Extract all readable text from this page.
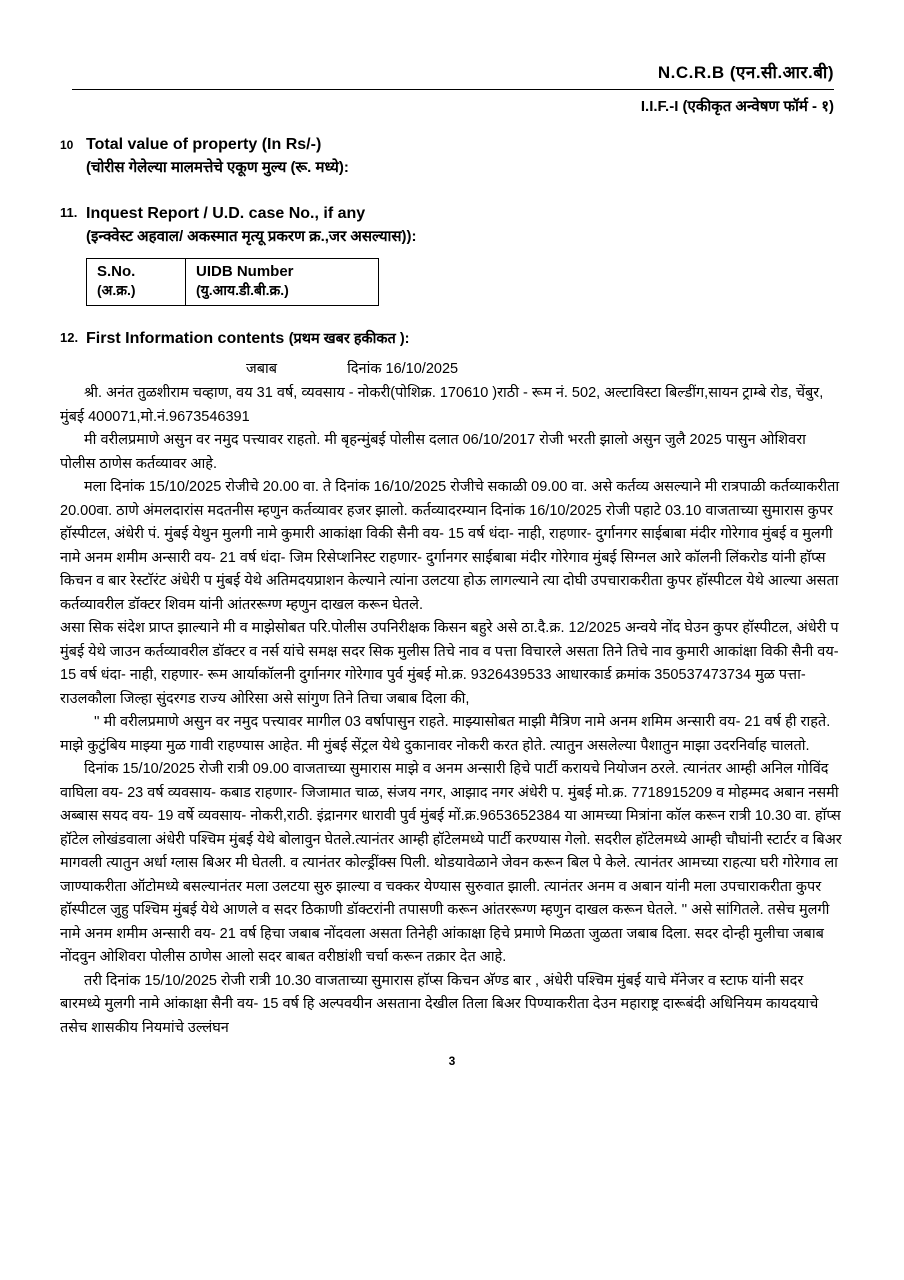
N.C.R.B (एन.सी.आर.बी)
I.I.F.-I (एकीकृत अन्वेषण फॉर्म - १)
10 Total value of property (In Rs/-)
(चोरीस गेलेल्या मालमत्तेचे एकूण मुल्य (रू. मध्ये):
11. Inquest Report / U.D. case No., if any
(इन्क्वेस्ट अहवाल/ अकस्मात मृत्यू प्रकरण क्र.,जर असल्यास)):
S.No.
(अ.क्र.)
	UIDB Number
(यु.आय.डी.बी.क्र.)
12. First Information contents (प्रथम खबर हकीकत ):
जबाब	दिनांक 16/10/2025

श्री. अनंत तुळशीराम चव्हाण, वय 31 वर्ष, व्यवसाय - नोकरी(पोशिक्र. 170610 )राठी - रूम नं. 502, अल्टाविस्टा बिल्डींग,सायन ट्राम्बे रोड, चेंबुर, मुंबई 400071,मो.नं.9673546391

मी वरीलप्रमाणे असुन वर नमुद पत्त्यावर राहतो. मी बृहन्मुंबई पोलीस दलात 06/10/2017 रोजी भरती झालो असुन जुलै 2025 पासुन ओशिवरा पोलीस ठाणेस कर्तव्यावर आहे.

मला दिनांक 15/10/2025 रोजीचे 20.00 वा. ते दिनांक 16/10/2025 रोजीचे सकाळी 09.00 वा. असे कर्तव्य असल्याने मी रात्रपाळी कर्तव्याकरीता 20.00वा. ठाणे अंमलदारांस मदतनीस म्हणुन कर्तव्यावर हजर झालो. कर्तव्यादरम्यान दिनांक 16/10/2025 रोजी पहाटे 03.10 वाजताच्या सुमारास कुपर हॉस्पीटल, अंधेरी पं. मुंबई येथुन मुलगी नामे कुमारी आकांक्षा विकी सैनी वय- 15 वर्ष धंदा- नाही, राहणार- दुर्गानगर साईबाबा मंदीर गोरेगाव मुंबई व मुलगी नामे अनम शमीम अन्सारी वय- 21 वर्ष धंदा- जिम रिसेप्शनिस्ट राहणार- दुर्गानगर साईबाबा मंदीर गोरेगाव मुंबई सिग्नल आरे कॉलनी लिंकरोड यांनी हाॅप्स किचन व बार रेस्टाॅरंट अंधेरी प मुंबई येथे अतिमदयप्राशन केल्याने त्यांना उलटया होऊ लागल्याने त्या दोघी उपचाराकरीता कुपर हॉस्पीटल येथे आल्या असता कर्तव्यावरील डॉक्टर शिवम यांनी आंतररूग्ण म्हणुन दाखल करून घेतले.

असा सिक संदेश प्राप्त झाल्याने मी व माझेसोबत परि.पोलीस उपनिरीक्षक किसन बहुरे असे ठा.दै.क्र. 12/2025 अन्वये नोंद घेउन कुपर हॉस्पीटल, अंधेरी प मुंबई येथे जाउन कर्तव्यावरील डॉक्टर व नर्स यांचे समक्ष सदर सिक मुलीस तिचे नाव व पत्ता विचारले असता तिने तिचे नाव कुमारी आकांक्षा विकी सैनी वय- 15 वर्ष धंदा- नाही, राहणार- रूम आर्याकॉलनी दुर्गानगर गोरेगाव पुर्व मुंबई मो.क्र. 9326439533 आधारकार्ड क्रमांक 350537473734 मुळ पत्ता- राउलकौला जिल्हा सुंदरगड राज्य ओरिसा असे सांगुण तिने तिचा जबाब दिला की,

'' मी वरीलप्रमाणे असुन वर नमुद पत्त्यावर मागील 03 वर्षापासुन राहते. माझ्यासोबत माझी मैत्रिण नामे अनम शमिम अन्सारी वय- 21 वर्ष ही राहते. माझे कुटुंबिय माझ्या मुळ गावी राहण्यास आहेत. मी मुंबई सेंट्रल येथे दुकानावर नोकरी करत होते. त्यातुन असलेल्या पैशातुन माझा उदरनिर्वाह चालतो.

दिनांक 15/10/2025 रोजी रात्री 09.00 वाजताच्या सुमारास माझे व अनम अन्सारी हिचे पार्टी करायचे नियोजन ठरले. त्यानंतर आम्ही अनिल गोविंद वाघिला वय- 23 वर्ष व्यवसाय- कबाड राहणार- जिजामात चाळ, संजय नगर, आझाद नगर अंधेरी प. मुंबई मो.क्र. 7718915209 व मोहम्मद अबान नसमी अब्बास सयद वय- 19 वर्षे व्यवसाय- नोकरी,राठी. इंद्रानगर धारावी पुर्व मुंबई मों.क्र.9653652384 या आमच्या मित्रांना कॉल करून रात्री 10.30 वा. हाॅप्स हॉटेल लोखंडवाला अंधेरी पश्चिम मुंबई येथे बोलावुन घेतले.त्यानंतर आम्ही हॉटेलमध्ये पार्टी करण्यास गेलो. सदरील हॉटेलमध्ये आम्ही चौघांनी स्टार्टर व बिअर मागवली त्यातुन अर्धा ग्लास बिअर मी घेतली. व त्यानंतर कोल्ड्रींक्स पिली. थोडयावेळाने जेवन करून बिल पे केले. त्यानंतर आमच्या राहत्या घरी गोरेगाव ला जाण्याकरीता ऑटोमध्ये बसल्यानंतर मला उलटया सुरु झाल्या व चक्कर येण्यास सुरुवात झाली. त्यानंतर अनम व अबान यांनी मला उपचाराकरीता कुपर हॉस्पीटल जुहु पश्चिम मुंबई येथे आणले व सदर ठिकाणी डॉक्टरांनी तपासणी करून आंतररूग्ण म्हणुन दाखल करून घेतले. '' असे सांगितले. तसेच मुलगी नामे अनम शमीम अन्सारी वय- 21 वर्ष हिचा जबाब नोंदवला असता तिनेही आंकाक्षा हिचे प्रमाणे मिळता जुळता जबाब दिला. सदर दोन्ही मुलीचा जबाब नोंदवुन ओशिवरा पोलीस ठाणेस आलो सदर बाबत वरीष्ठांशी चर्चा करून तक्रार देत आहे.

तरी दिनांक 15/10/2025 रोजी रात्री 10.30 वाजताच्या सुमारास हाॅप्स किचन अ‍ॅण्ड बार , अंधेरी पश्चिम मुंबई याचे मॅनेजर व स्टाफ यांनी सदर बारमध्ये मुलगी नामे आंकाक्षा सैनी वय- 15 वर्ष हि अल्पवयीन असताना देखील तिला बिअर पिण्याकरीता देउन महाराष्ट्र दारूबंदी अधिनियम कायदयाचे तसेच शासकीय नियमांचे उल्लंघन

3
